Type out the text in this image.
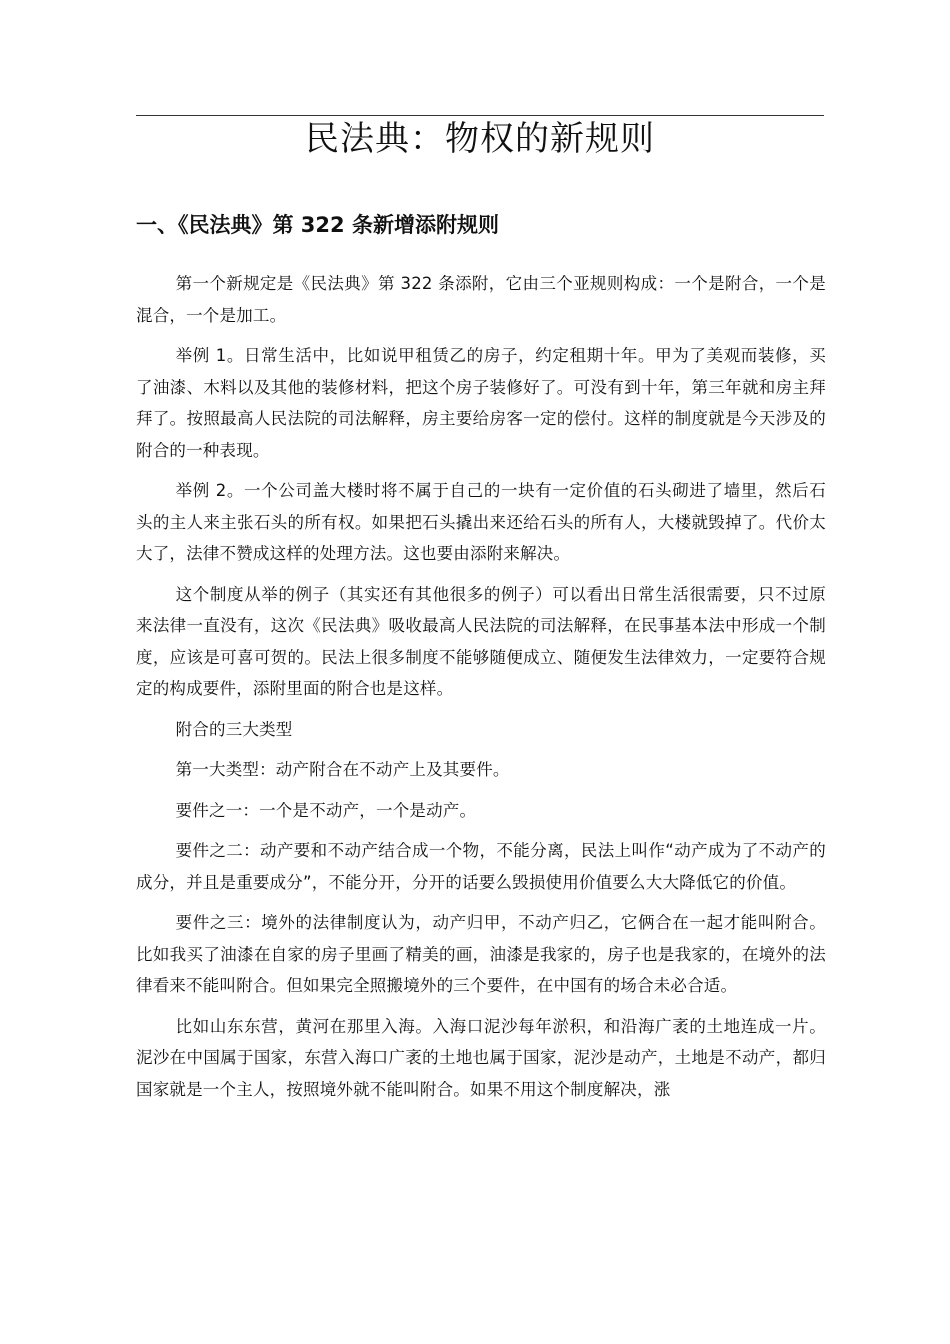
民法典：物权的新规则
一、《民法典》第 322 条新增添附规则

第一个新规定是《民法典》第 322 条添附，它由三个亚规则构成：一个是附合，一个是混合，一个是加工。

举例 1。日常生活中，比如说甲租赁乙的房子，约定租期十年。甲为了美观而装修，买了油漆、木料以及其他的装修材料，把这个房子装修好了。可没有到十年，第三年就和房主拜拜了。按照最高人民法院的司法解释，房主要给房客一定的偿付。这样的制度就是今天涉及的附合的一种表现。

举例 2。一个公司盖大楼时将不属于自己的一块有一定价值的石头砌进了墙里，然后石头的主人来主张石头的所有权。如果把石头撬出来还给石头的所有人，大楼就毁掉了。代价太大了，法律不赞成这样的处理方法。这也要由添附来解决。

这个制度从举的例子（其实还有其他很多的例子）可以看出日常生活很需要，只不过原来法律一直没有，这次《民法典》吸收最高人民法院的司法解释，在民事基本法中形成一个制度，应该是可喜可贺的。民法上很多制度不能够随便成立、随便发生法律效力，一定要符合规定的构成要件，添附里面的附合也是这样。

附合的三大类型

第一大类型：动产附合在不动产上及其要件。

要件之一：一个是不动产，一个是动产。

要件之二：动产要和不动产结合成一个物，不能分离，民法上叫作“动产成为了不动产的成分，并且是重要成分”，不能分开，分开的话要么毁损使用价值要么大大降低它的价值。

要件之三：境外的法律制度认为，动产归甲，不动产归乙，它俩合在一起才能叫附合。比如我买了油漆在自家的房子里画了精美的画，油漆是我家的，房子也是我家的，在境外的法律看来不能叫附合。但如果完全照搬境外的三个要件，在中国有的场合未必合适。

比如山东东营，黄河在那里入海。入海口泥沙每年淤积，和沿海广袤的土地连成一片。泥沙在中国属于国家，东营入海口广袤的土地也属于国家，泥沙是动产，土地是不动产，都归国家就是一个主人，按照境外就不能叫附合。如果不用这个制度解决，涨
